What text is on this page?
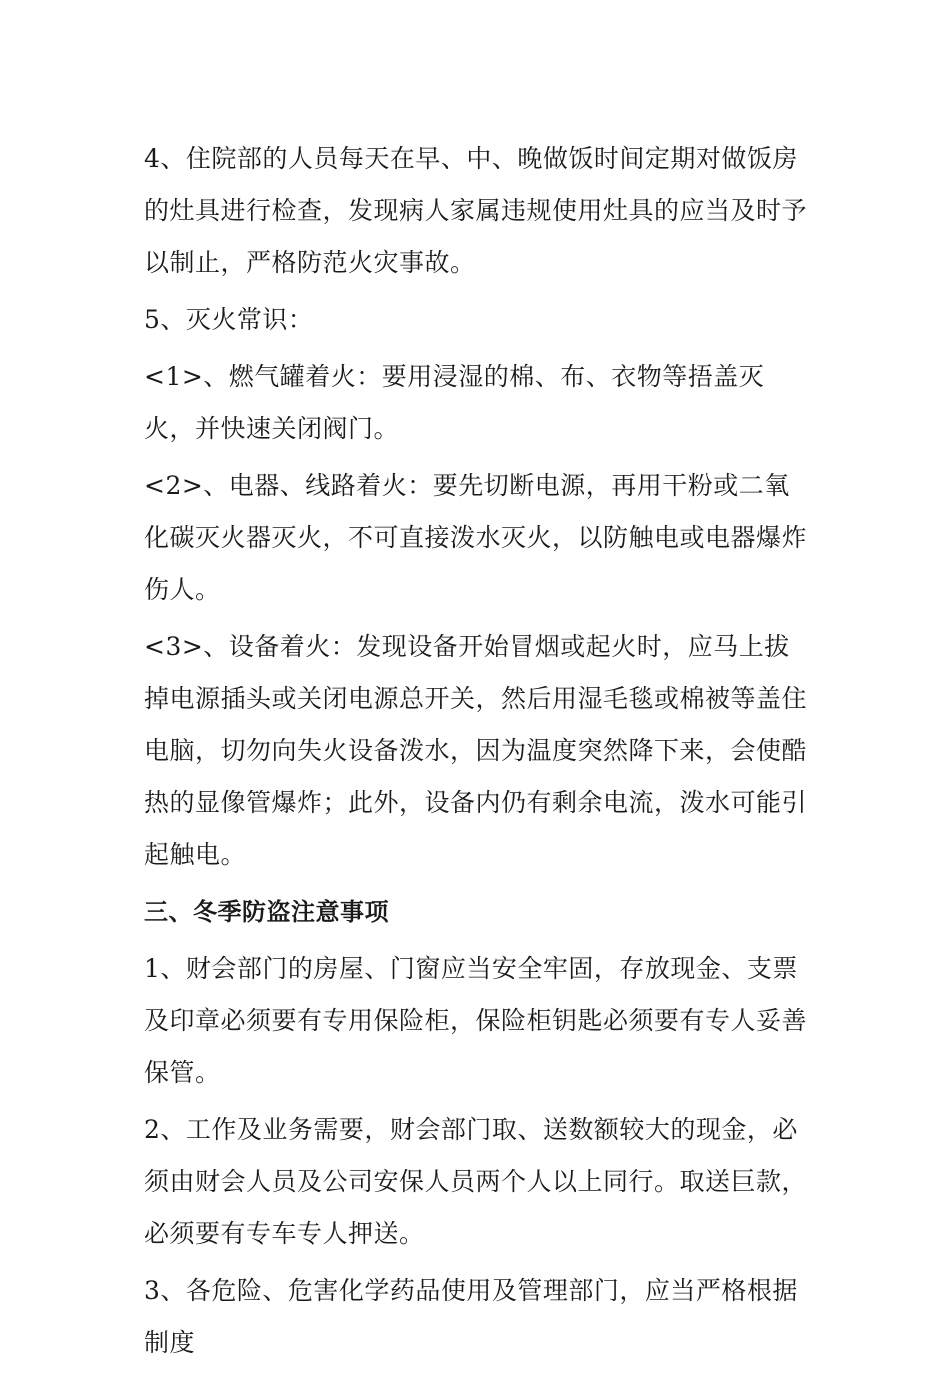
4、住院部的人员每天在早、中、晚做饭时间定期对做饭房的灶具进行检查，发现病人家属违规使用灶具的应当及时予以制止，严格防范火灾事故。

5、灭火常识：

<1>、燃气罐着火：要用浸湿的棉、布、衣物等捂盖灭火，并快速关闭阀门。

<2>、电器、线路着火：要先切断电源，再用干粉或二氧化碳灭火器灭火，不可直接泼水灭火，以防触电或电器爆炸伤人。

<3>、设备着火：发现设备开始冒烟或起火时，应马上拔掉电源插头或关闭电源总开关，然后用湿毛毯或棉被等盖住电脑，切勿向失火设备泼水，因为温度突然降下来，会使酷热的显像管爆炸；此外，设备内仍有剩余电流，泼水可能引起触电。

三、冬季防盗注意事项

1、财会部门的房屋、门窗应当安全牢固，存放现金、支票及印章必须要有专用保险柜，保险柜钥匙必须要有专人妥善保管。

2、工作及业务需要，财会部门取、送数额较大的现金，必须由财会人员及公司安保人员两个人以上同行。取送巨款，必须要有专车专人押送。

3、各危险、危害化学药品使用及管理部门，应当严格根据制度
